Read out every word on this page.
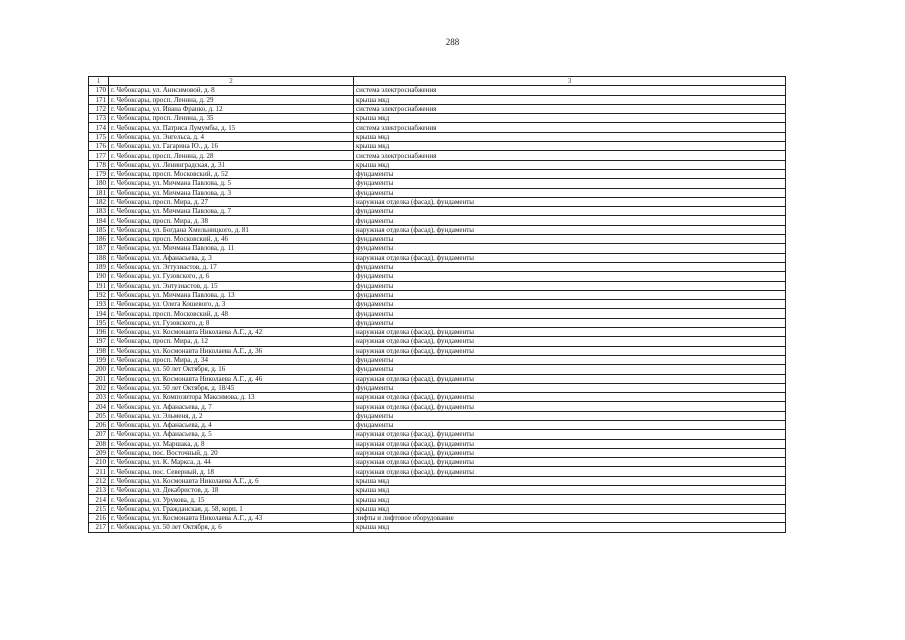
288
1	2	3
170	г. Чебоксары, ул. Анисимовой, д. 8	система электроснабжения
171	г. Чебоксары, просп. Ленина, д. 29	крыша мкд
172	г. Чебоксары, ул. Ивана Франко, д. 12	система электроснабжения
173	г. Чебоксары, просп. Ленина, д. 35	крыша мкд
174	г. Чебоксары, ул. Патриса Лумумбы, д. 15	система электроснабжения
175	г. Чебоксары, ул. Энгельса, д. 4	крыша мкд
176	г. Чебоксары, ул. Гагарина Ю., д. 16	крыша мкд
177	г. Чебоксары, просп. Ленина, д. 28	система электроснабжения
178	г. Чебоксары, ул. Ленинградская, д. 31	крыша мкд
179	г. Чебоксары, просп. Московский, д. 52	фундаменты
180	г. Чебоксары, ул. Мичмана Павлова, д. 5	фундаменты
181	г. Чебоксары, ул. Мичмана Павлова, д. 3	фундаменты
182	г. Чебоксары, просп. Мира, д. 27	наружная отделка (фасад), фундаменты
183	г. Чебоксары, ул. Мичмана Павлова, д. 7	фундаменты
184	г. Чебоксары, просп. Мира, д. 38	фундаменты
185	г. Чебоксары, ул. Богдана Хмельницкого, д. 81	наружная отделка (фасад), фундаменты
186	г. Чебоксары, просп. Московский, д. 46	фундаменты
187	г. Чебоксары, ул. Мичмана Павлова, д. 11	фундаменты
188	г. Чебоксары, ул. Афанасьева, д. 3	наружная отделка (фасад), фундаменты
189	г. Чебоксары, ул. Эгтузиастов, д. 17	фундаменты
190	г. Чебоксары, ул. Гузовского, д. 6	фундаменты
191	г. Чебоксары, ул. Энтузиастов, д. 15	фундаменты
192	г. Чебоксары, ул. Мичмана Павлова, д. 13	фундаменты
193	г. Чебоксары, ул. Олега Кошевого, д. 3	фундаменты
194	г. Чебоксары, просп. Московский, д. 48	фундаменты
195	г. Чебоксары, ул. Гузовского, д. 8	фундаменты
196	г. Чебоксары, ул. Космонавта Николаева А.Г., д. 42	наружная отделка (фасад), фундаменты
197	г. Чебоксары, просп. Мира, д. 12	наружная отделка (фасад), фундаменты
198	г. Чебоксары, ул. Космонавта Николаева А.Г., д. 36	наружная отделка (фасад), фундаменты
199	г. Чебоксары, просп. Мира, д. 34	фундаменты
200	г. Чебоксары, ул. 50 лет Октября, д. 16	фундаменты
201	г. Чебоксары, ул. Космонавта Николаева А.Г., д. 46	наружная отделка (фасад), фундаменты
202	г. Чебоксары, ул. 50 лет Октября, д. 18/45	фундаменты
203	г. Чебоксары, ул. Композитора Максимова, д. 13	наружная отделка (фасад), фундаменты
204	г. Чебоксары, ул. Афанасьева, д. 7	наружная отделка (фасад), фундаменты
205	г. Чебоксары, ул. Эльменя, д. 2	фундаменты
206	г. Чебоксары, ул. Афанасьева, д. 4	фундаменты
207	г. Чебоксары, ул. Афанасьева, д. 5	наружная отделка (фасад), фундаменты
208	г. Чебоксары, ул. Маршака, д. 8	наружная отделка (фасад), фундаменты
209	г. Чебоксары, пос. Восточный, д. 20	наружная отделка (фасад), фундаменты
210	г. Чебоксары, ул. К. Маркса, д. 44	наружная отделка (фасад), фундаменты
211	г. Чебоксары, пос. Северный, д. 18	наружная отделка (фасад), фундаменты
212	г. Чебоксары, ул. Космонавта Николаева А.Г., д. 6	крыша мкд
213	г. Чебоксары, ул. Декабристов, д. 18	крыша мкд
214	г. Чебоксары, ул. Урукова, д. 15	крыша мкд
215	г. Чебоксары, ул. Гражданская, д. 58, корп. 1	крыша мкд
216	г. Чебоксары, ул. Космонавта Николаева А.Г., д. 43	лифты и лифтовое оборудование
217	г. Чебоксары, ул. 50 лет Октября, д. 6	крыша мкд
